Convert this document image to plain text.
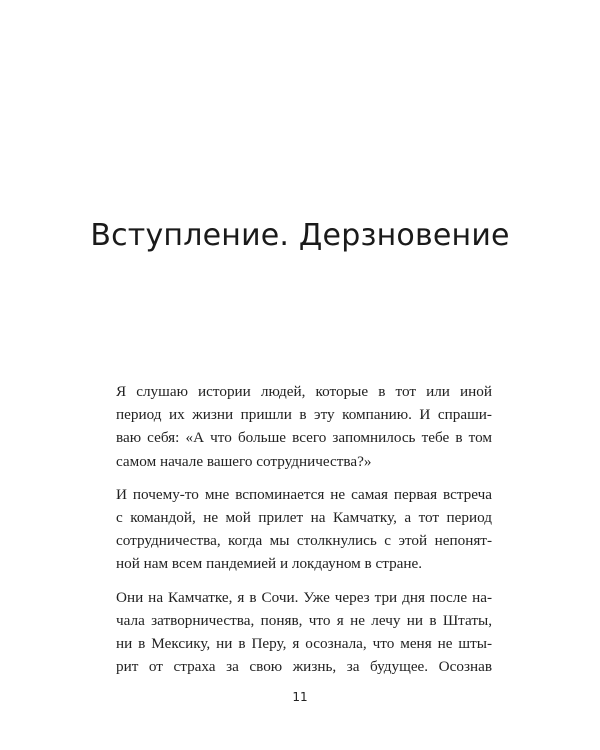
Вступление. Дерзновение

Я слушаю истории людей, которые в тот или иной
период их жизни пришли в эту компанию. И спраши-
ваю себя: «А что больше всего запомнилось тебе в том
самом начале вашего сотрудничества?»

И почему-то мне вспоминается не самая первая встреча
с командой, не мой прилет на Камчатку, а тот период
сотрудничества, когда мы столкнулись с этой непонят-
ной нам всем пандемией и локдауном в стране.

Они на Камчатке, я в Сочи. Уже через три дня после на-
чала затворничества, поняв, что я не лечу ни в Штаты,
ни в Мексику, ни в Перу, я осознала, что меня не шты-
рит от страха за свою жизнь, за будущее. Осознав

11
